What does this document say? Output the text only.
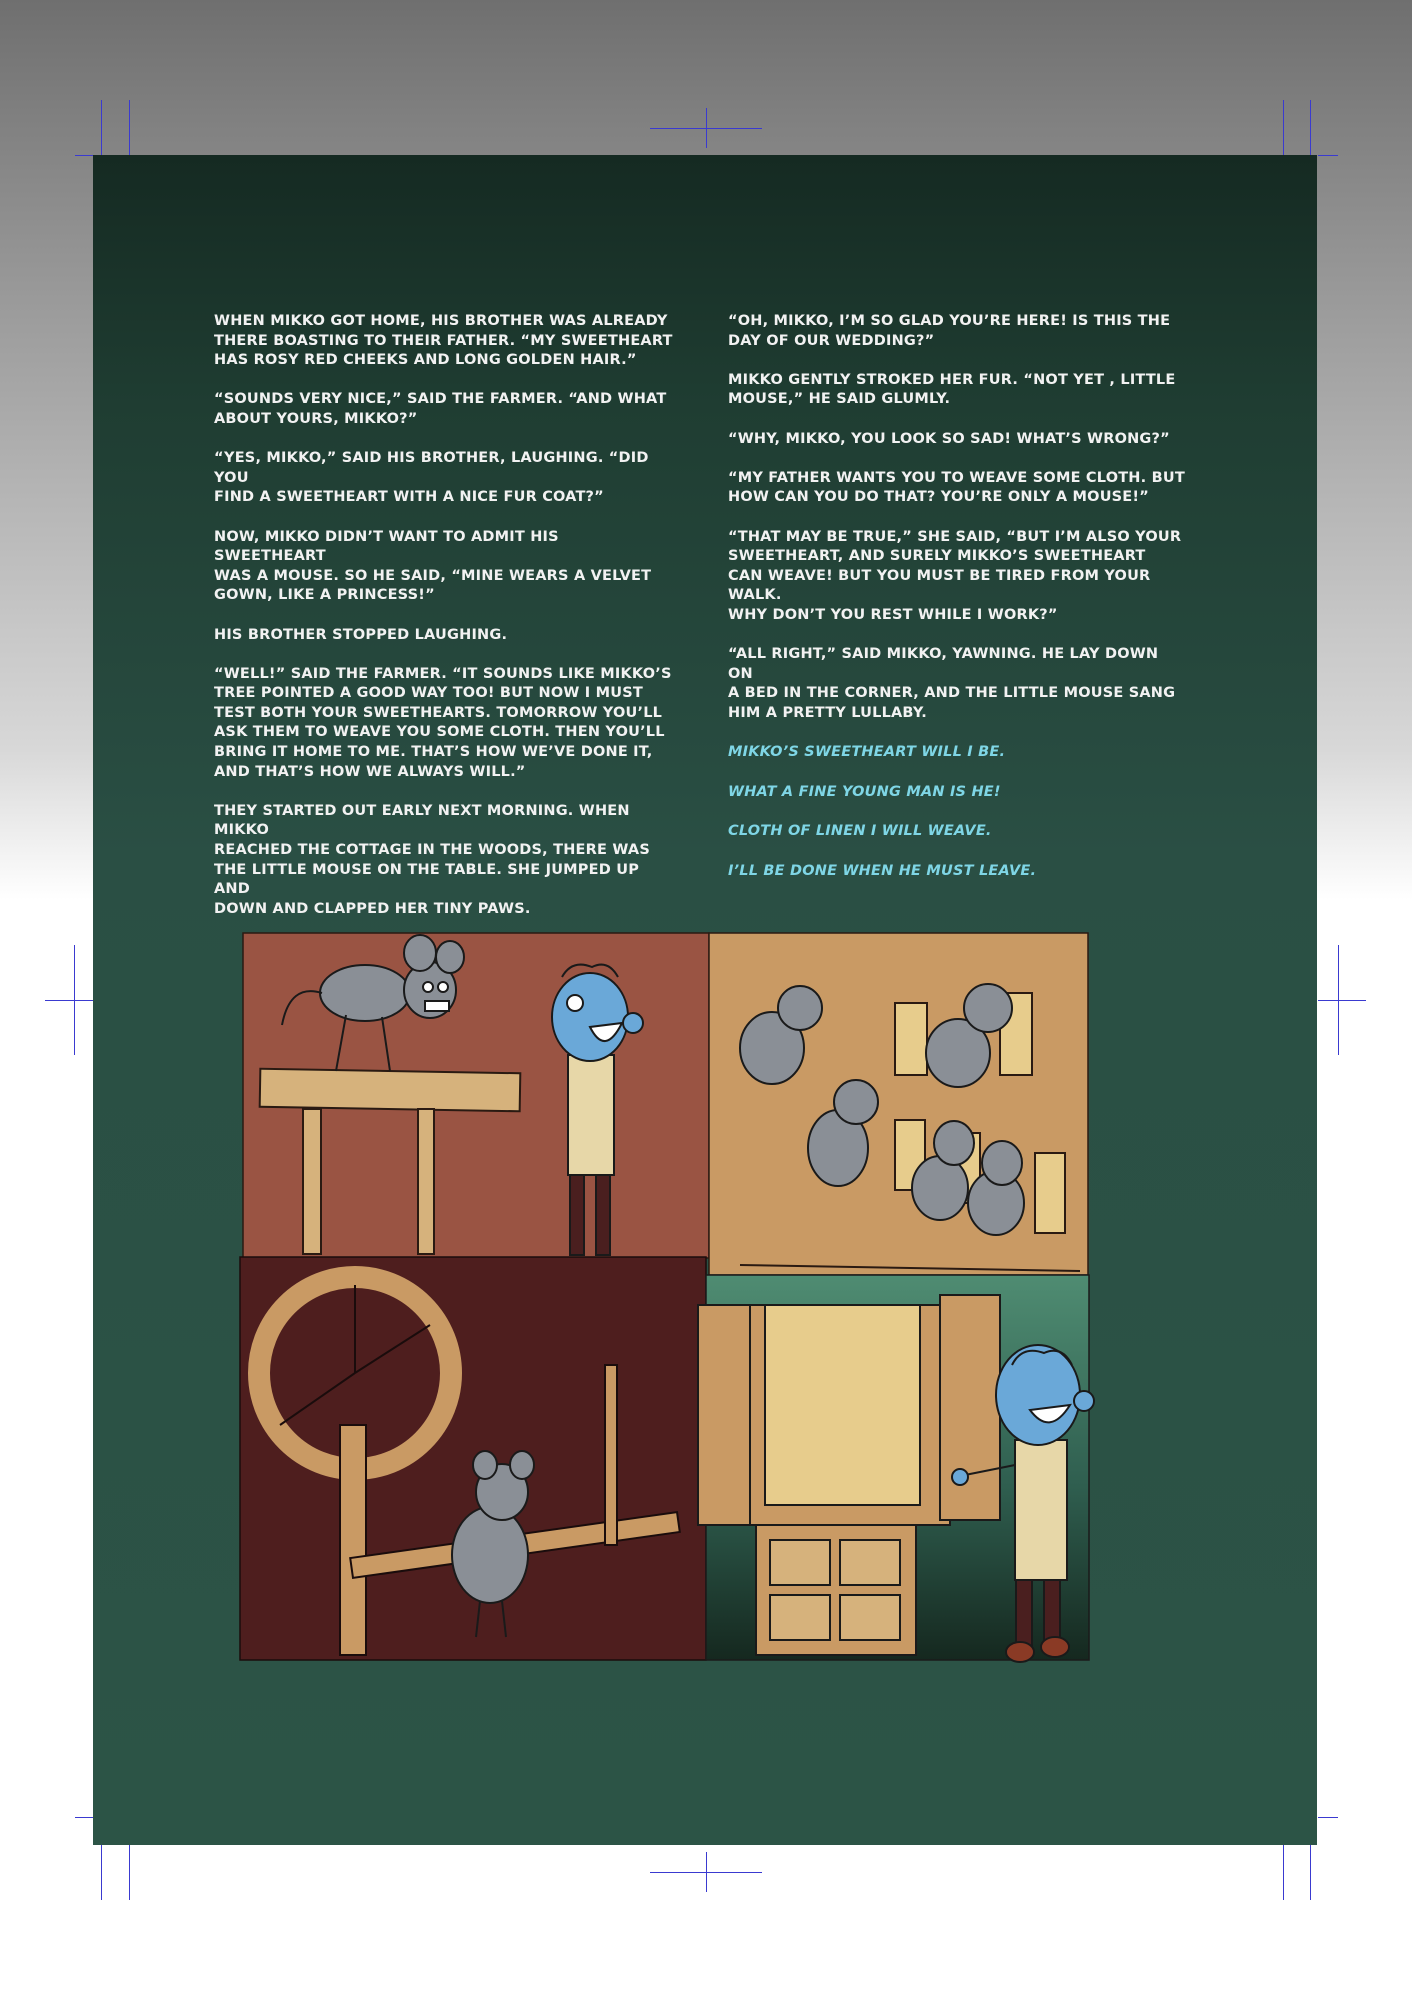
WHEN MIKKO GOT HOME, HIS BROTHER WAS ALREADY
THERE BOASTING TO THEIR FATHER. “MY SWEETHEART
HAS ROSY RED CHEEKS AND LONG GOLDEN HAIR.”

“SOUNDS VERY NICE,” SAID THE FARMER. “AND WHAT
ABOUT YOURS, MIKKO?”

“YES, MIKKO,” SAID HIS BROTHER, LAUGHING. “DID YOU
FIND A SWEETHEART WITH A NICE FUR COAT?”

NOW, MIKKO DIDN’T WANT TO ADMIT HIS SWEETHEART
WAS A MOUSE. SO HE SAID, “MINE WEARS A VELVET
GOWN, LIKE A PRINCESS!”

HIS BROTHER STOPPED LAUGHING.

“WELL!” SAID THE FARMER. “IT SOUNDS LIKE MIKKO’S
TREE POINTED A GOOD WAY TOO! BUT NOW I MUST
TEST BOTH YOUR SWEETHEARTS. TOMORROW YOU’LL
ASK THEM TO WEAVE YOU SOME CLOTH. THEN YOU’LL
BRING IT HOME TO ME. THAT’S HOW WE’VE DONE IT,
AND THAT’S HOW WE ALWAYS WILL.”

THEY STARTED OUT EARLY NEXT MORNING. WHEN MIKKO
REACHED THE COTTAGE IN THE WOODS, THERE WAS
THE LITTLE MOUSE ON THE TABLE. SHE JUMPED UP AND
DOWN AND CLAPPED HER TINY PAWS.

“OH, MIKKO, I’M SO GLAD YOU’RE HERE! IS THIS THE
DAY OF OUR WEDDING?”

MIKKO GENTLY STROKED HER FUR. “NOT YET , LITTLE
MOUSE,” HE SAID GLUMLY.

“WHY, MIKKO, YOU LOOK SO SAD! WHAT’S WRONG?”

“MY FATHER WANTS YOU TO WEAVE SOME CLOTH. BUT
HOW CAN YOU DO THAT? YOU’RE ONLY A MOUSE!”

“THAT MAY BE TRUE,” SHE SAID, “BUT I’M ALSO YOUR
SWEETHEART, AND SURELY MIKKO’S SWEETHEART
CAN WEAVE! BUT YOU MUST BE TIRED FROM YOUR WALK.
WHY DON’T YOU REST WHILE I WORK?”

“ALL RIGHT,” SAID MIKKO, YAWNING. HE LAY DOWN ON
A BED IN THE CORNER, AND THE LITTLE MOUSE SANG
HIM A PRETTY LULLABY.

MIKKO’S SWEETHEART WILL I BE.

WHAT A FINE YOUNG MAN IS HE!

CLOTH OF LINEN I WILL WEAVE.

I’LL BE DONE WHEN HE MUST LEAVE.
